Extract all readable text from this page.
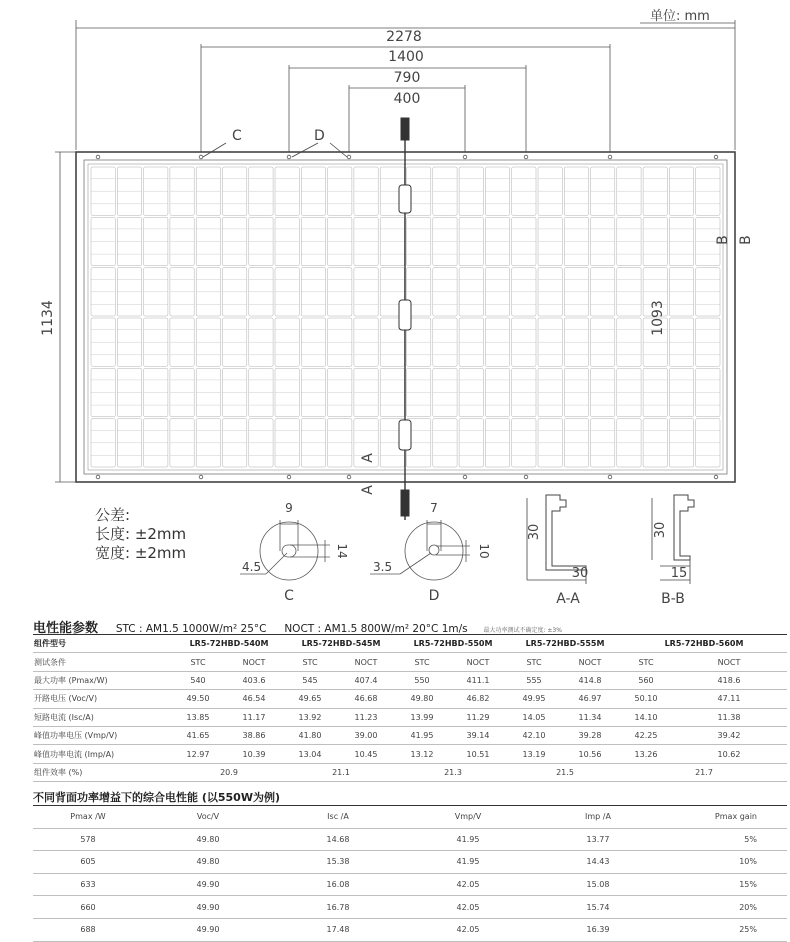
单位: mm
2278
1400
790
400
1134	1093
C	D
A
A
B B
9
14
4.5
C
7
10
3.5
D
30
30
A-A
30
15
B-B
公差:
长度: ±2mm
宽度: ±2mm
电性能参数 STC : AM1.5 1000W/m² 25°C NOCT : AM1.5 800W/m² 20°C 1m/s	最大功率测试不确定度: ±3%
组件型号	LR5-72HBD-540M		LR5-72HBD-545M		LR5-72HBD-550M		LR5-72HBD-555M		LR5-72HBD-560M	
测试条件	STC	NOCT	STC	NOCT	STC	NOCT	STC	NOCT	STC	NOCT
最大功率 (Pmax/W)	540	403.6	545	407.4	550	411.1	555	414.8	560	418.6
开路电压 (Voc/V)	49.50	46.54	49.65	46.68	49.80	46.82	49.95	46.97	50.10	47.11
短路电流 (Isc/A)	13.85	11.17	13.92	11.23	13.99	11.29	14.05	11.34	14.10	11.38
峰值功率电压 (Vmp/V)	41.65	38.86	41.80	39.00	41.95	39.14	42.10	39.28	42.25	39.42
峰值功率电流 (Imp/A)	12.97	10.39	13.04	10.45	13.12	10.51	13.19	10.56	13.26	10.62
组件效率 (%)	20.9		21.1		21.3		21.5		21.7	
不同背面功率增益下的综合电性能 (以550W为例)
Pmax /W	Voc/V	Isc /A	Vmp/V	Imp /A	Pmax gain
578	49.80	14.68	41.95	13.77	5%
605	49.80	15.38	41.95	14.43	10%
633	49.90	16.08	42.05	15.08	15%
660	49.90	16.78	42.05	15.74	20%
688	49.90	17.48	42.05	16.39	25%
